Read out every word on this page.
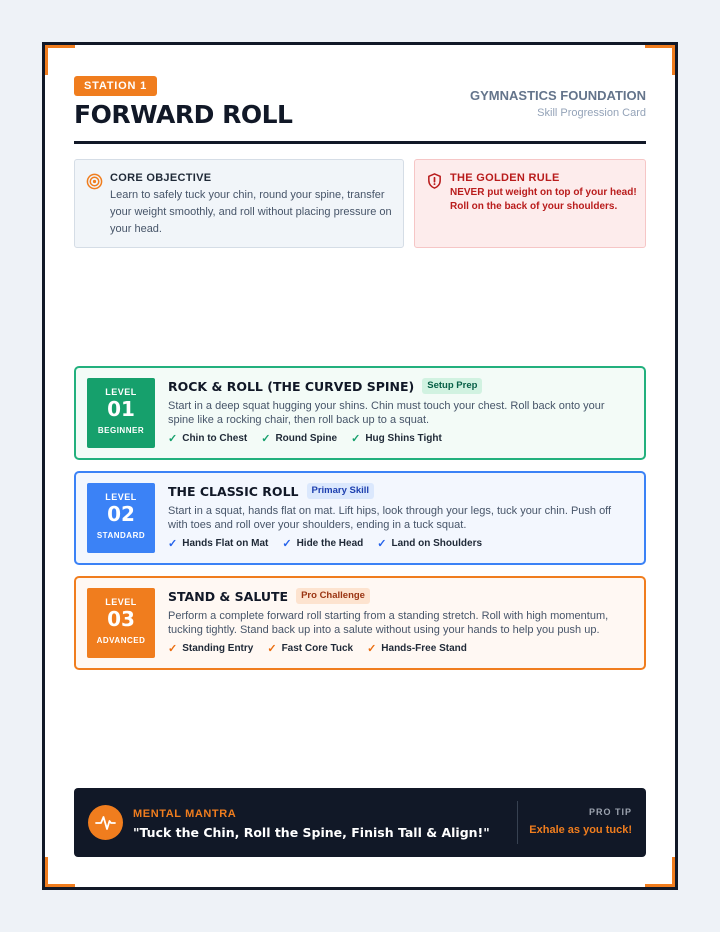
STATION 1
FORWARD ROLL
GYMNASTICS FOUNDATION
Skill Progression Card
CORE OBJECTIVE
Learn to safely tuck your chin, round your spine, transfer your weight smoothly, and roll without placing pressure on your head.
THE GOLDEN RULE
NEVER put weight on top of your head! Roll on the back of your shoulders.
LEVEL
01
BEGINNER
ROCK & ROLL (THE CURVED SPINE)	Setup Prep
Start in a deep squat hugging your shins. Chin must touch your chest. Roll back onto your spine like a rocking chair, then roll back up to a squat.
✓ Chin to Chest ✓ Round Spine ✓ Hug Shins Tight
LEVEL
02
STANDARD
THE CLASSIC ROLL	Primary Skill
Start in a squat, hands flat on mat. Lift hips, look through your legs, tuck your chin. Push off with toes and roll over your shoulders, ending in a tuck squat.
✓ Hands Flat on Mat ✓ Hide the Head ✓ Land on Shoulders
LEVEL
03
ADVANCED
STAND & SALUTE	Pro Challenge
Perform a complete forward roll starting from a standing stretch. Roll with high momentum, tucking tightly. Stand back up into a salute without using your hands to help you push up.
✓ Standing Entry ✓ Fast Core Tuck ✓ Hands-Free Stand
MENTAL MANTRA
"Tuck the Chin, Roll the Spine, Finish Tall & Align!"
PRO TIP
Exhale as you tuck!
